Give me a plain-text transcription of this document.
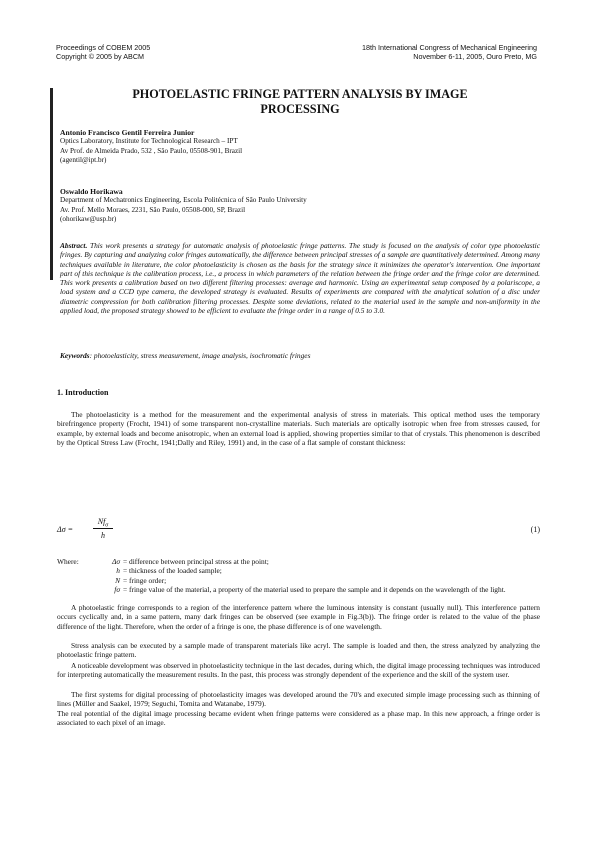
Proceedings of COBEM 2005
Copyright © 2005 by ABCM
18th International Congress of Mechanical Engineering
November 6-11, 2005, Ouro Preto, MG
PHOTOELASTIC FRINGE PATTERN ANALYSIS BY IMAGE
PROCESSING
Antonio Francisco Gentil Ferreira Junior
Optics Laboratory, Institute for Technological Research – IPT
Av Prof. de Almeida Prado, 532 , São Paulo, 05508-901, Brazil
(agentil@ipt.br)
Oswaldo Horikawa
Department of Mechatronics Engineering, Escola Politécnica of São Paulo University
Av. Prof. Mello Moraes, 2231, São Paulo, 05508-000, SP, Brazil
(ohorikaw@usp.br)
Abstract. This work presents a strategy for automatic analysis of photoelastic fringe patterns. The study is focused on the analysis of color type photoelastic fringes. By capturing and analyzing color fringes automatically, the difference between principal stresses of a sample are quantitatively determined. Among many techniques available in literature, the color photoelasticity is chosen as the basis for the strategy since it minimizes the operator's intervention. One important part of this technique is the calibration process, i.e., a process in which parameters of the relation between the fringe order and the fringe color are determined. This work presents a calibration based on two different filtering processes: average and harmonic. Using an experimental setup composed by a polariscope, a load system and a CCD type camera, the developed strategy is evaluated. Results of experiments are compared with the analytical solution of a disc under diametric compression for both calibration filtering processes. Despite some deviations, related to the material used in the sample and non-uniformity in the applied load, the proposed strategy showed to be efficient to evaluate the fringe order in a range of 0.5 to 3.0.
Keywords: photoelasticity, stress measurement, image analysis, isochromatic fringes
1. Introduction
The photoelasticity is a method for the measurement and the experimental analysis of stress in materials. This optical method uses the temporary birefringence property (Frocht, 1941) of some transparent non-crystalline materials. Such materials are optically isotropic when free from stresses caused, for example, by external loads and become anisotropic, when an external load is applied, showing properties similar to that of crystals. This phenomenon is described by the Optical Stress Law (Frocht, 1941;Dally and Riley, 1991) and, in the case of a flat sample of constant thickness:
Δσ =
$Nf_\sigma$
h
(1)
Where:	Δσ = difference between principal stress at the point;
h = thickness of the loaded sample;
N = fringe order;
fσ = fringe value of the material, a property of the material used to prepare the sample and it depends on the wavelength of the light.
A photoelastic fringe corresponds to a region of the interference pattern where the luminous intensity is constant (usually null). This interference pattern occurs cyclically and, in a same pattern, many dark fringes can be observed (see example in Fig.3(b)). The fringe order is related to the value of the phase difference of the light. Therefore, when the order of a fringe is one, the phase difference is of one wavelength.
Stress analysis can be executed by a sample made of transparent materials like acryl. The sample is loaded and then, the stress analyzed by analyzing the photoelastic fringe pattern.
A noticeable development was observed in photoelasticity technique in the last decades, during which, the digital image processing techniques was introduced for interpreting automatically the measurement results. In the past, this process was strongly dependent of the experience and the skill of the system user.
The first systems for digital processing of photoelasticity images was developed around the 70's and executed simple image processing such as thinning of lines (Müller and Saakel, 1979; Seguchi, Tomita and Watanabe, 1979).
The real potential of the digital image processing became evident when fringe patterns were considered as a phase map. In this new approach, a fringe order is associated to each pixel of an image.
